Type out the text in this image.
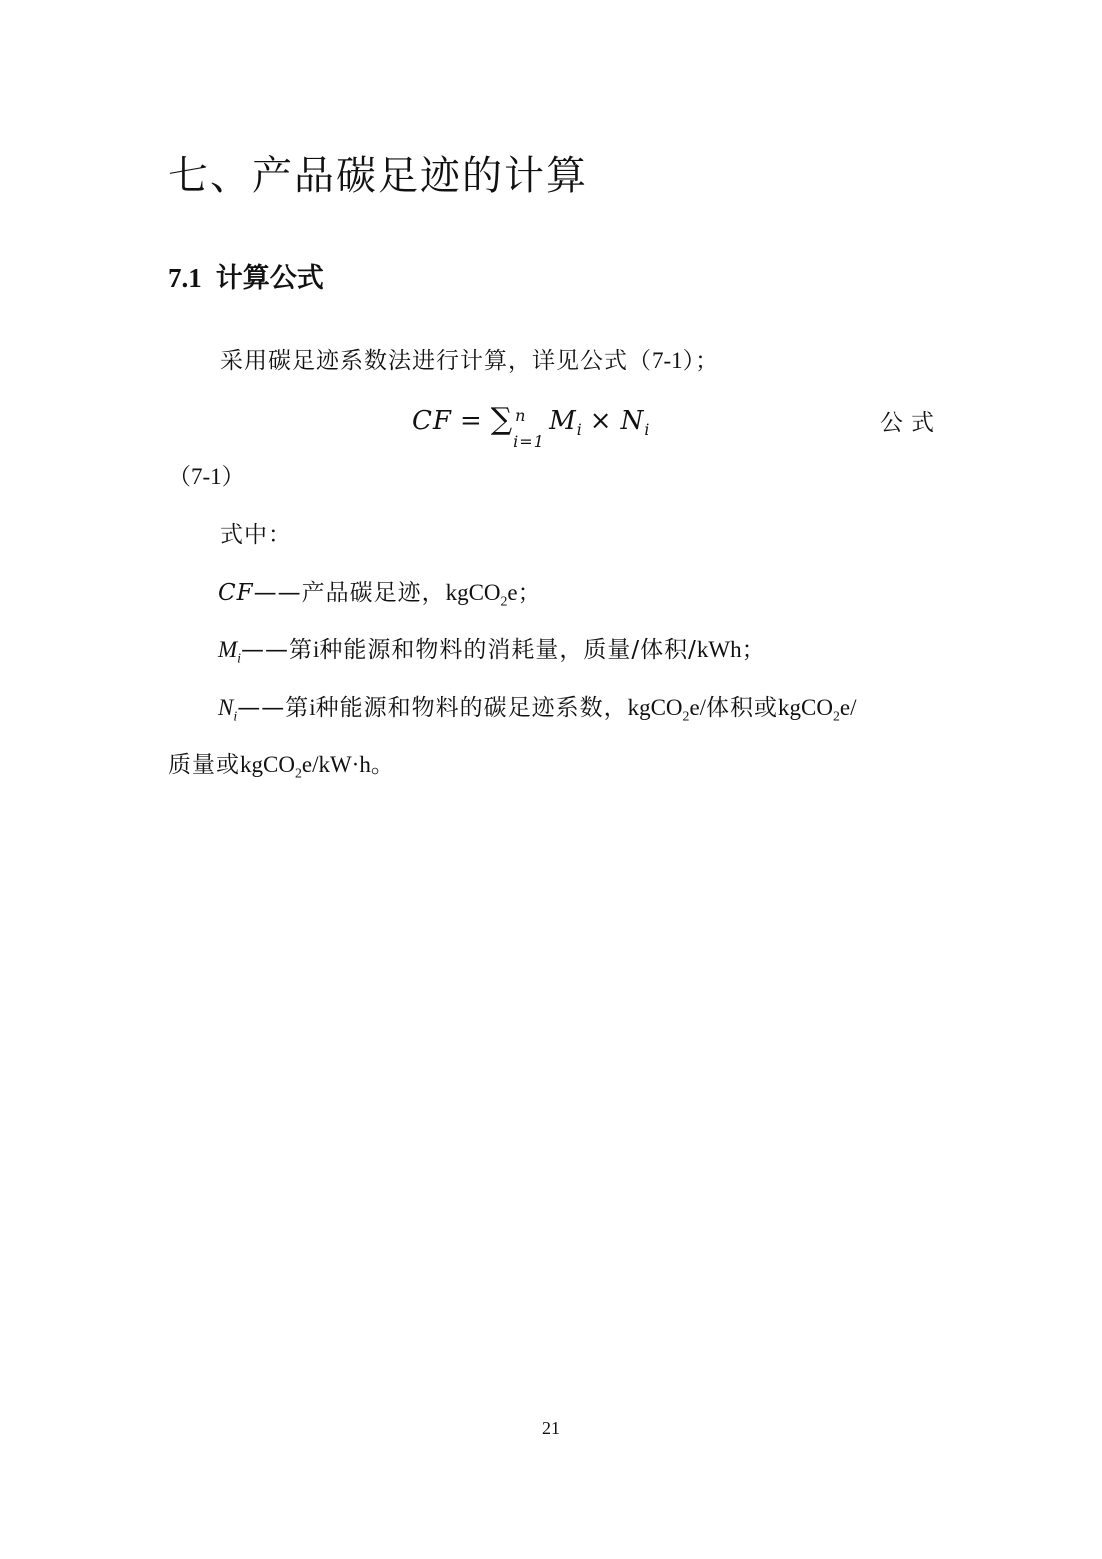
七、产品碳足迹的计算
7.1 计算公式
采用碳足迹系数法进行计算，详见公式（7-1）；
CF = ∑ n
i=1
$M_i \times N_i$	公式
（7-1）
式中：
CF——产品碳足迹，kgCO$_2$e；
$M_i——$第i种能源和物料的消耗量，质量/体积/kWh；
$N_i——$第i种能源和物料的碳足迹系数，kgCO$_2$e/体积或kgCO$_2$e/
质量或kgCO$_2$e/kW·h。
21
